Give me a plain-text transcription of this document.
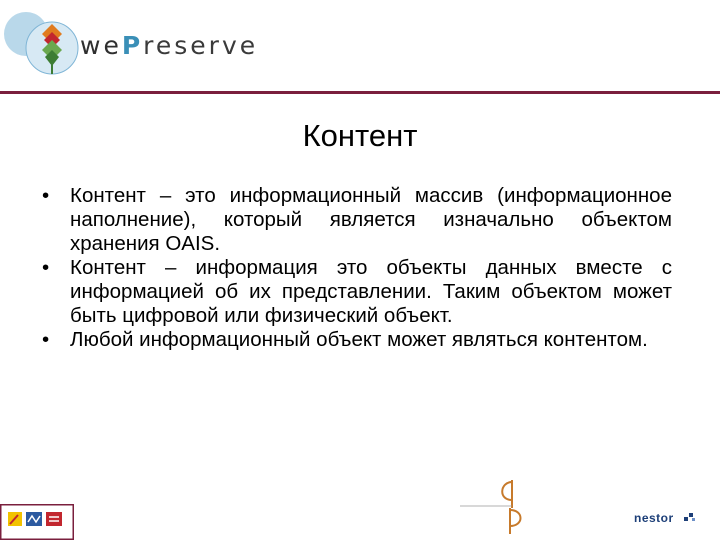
wePreserve
Контент
• Контент – это информационный массив (информационное наполнение), который является изначально объектом хранения OAIS.
• Контент – информация это объекты данных вместе с информацией об их представлении. Таким объектом может быть цифровой или физический объект.
• Любой информационный объект может являться контентом.
nestor
